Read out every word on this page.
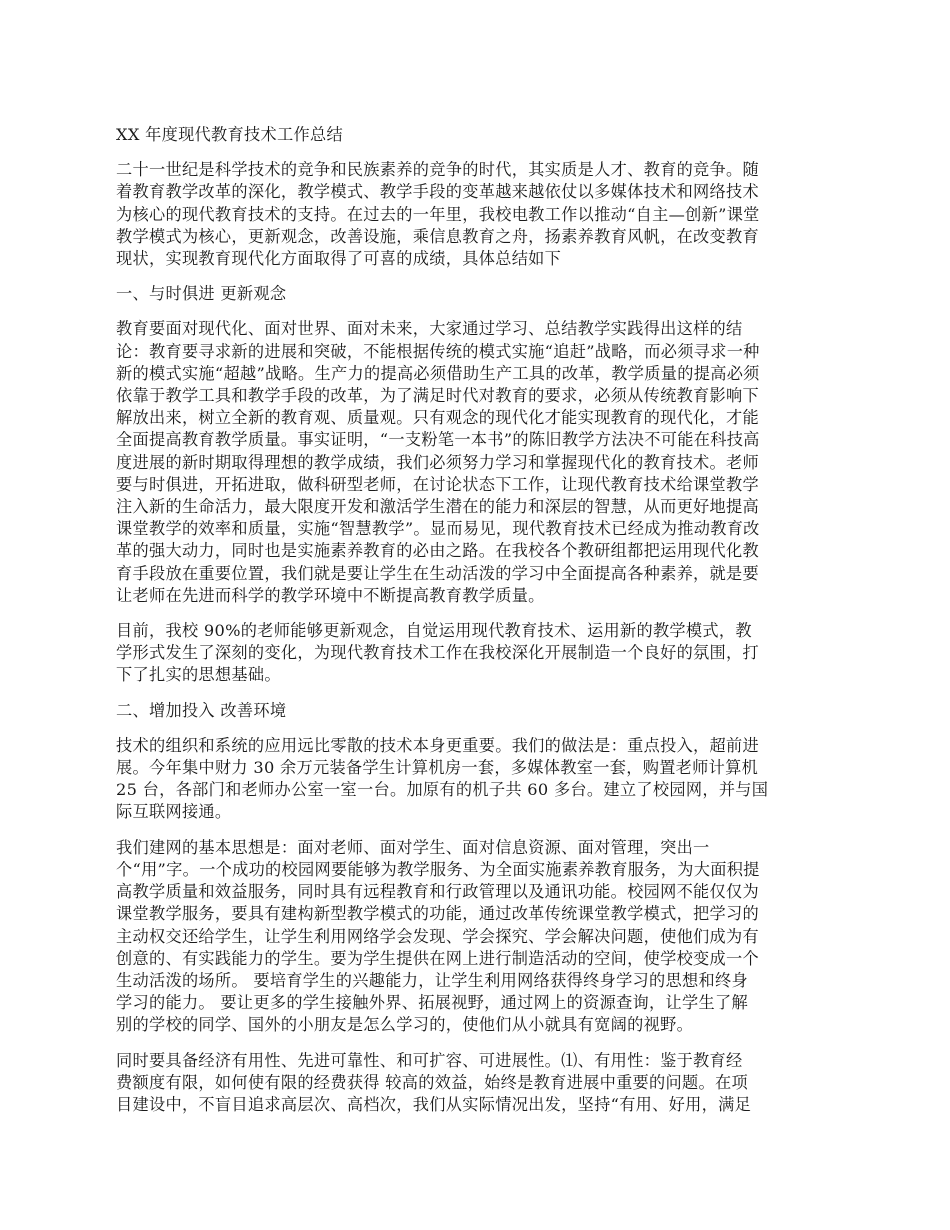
XX 年度现代教育技术工作总结
二十一世纪是科学技术的竞争和民族素养的竞争的时代，其实质是人才、教育的竞争。随
着教育教学改革的深化，教学模式、教学手段的变革越来越依仗以多媒体技术和网络技术
为核心的现代教育技术的支持。在过去的一年里，我校电教工作以推动“自主—创新”课堂
教学模式为核心，更新观念，改善设施，乘信息教育之舟，扬素养教育风帆，在改变教育
现状，实现教育现代化方面取得了可喜的成绩，具体总结如下
一、与时俱进 更新观念
教育要面对现代化、面对世界、面对未来，大家通过学习、总结教学实践得出这样的结
论：教育要寻求新的进展和突破，不能根据传统的模式实施“追赶”战略，而必须寻求一种
新的模式实施“超越”战略。生产力的提高必须借助生产工具的改革，教学质量的提高必须
依靠于教学工具和教学手段的改革，为了满足时代对教育的要求，必须从传统教育影响下
解放出来，树立全新的教育观、质量观。只有观念的现代化才能实现教育的现代化，才能
全面提高教育教学质量。事实证明，“一支粉笔一本书”的陈旧教学方法决不可能在科技高
度进展的新时期取得理想的教学成绩，我们必须努力学习和掌握现代化的教育技术。老师
要与时俱进，开拓进取，做科研型老师，在讨论状态下工作，让现代教育技术给课堂教学
注入新的生命活力，最大限度开发和激活学生潜在的能力和深层的智慧，从而更好地提高
课堂教学的效率和质量，实施“智慧教学”。显而易见，现代教育技术已经成为推动教育改
革的强大动力，同时也是实施素养教育的必由之路。在我校各个教研组都把运用现代化教
育手段放在重要位置，我们就是要让学生在生动活泼的学习中全面提高各种素养，就是要
让老师在先进而科学的教学环境中不断提高教育教学质量。
目前，我校 90%的老师能够更新观念，自觉运用现代教育技术、运用新的教学模式，教
学形式发生了深刻的变化，为现代教育技术工作在我校深化开展制造一个良好的氛围，打
下了扎实的思想基础。
二、增加投入 改善环境
技术的组织和系统的应用远比零散的技术本身更重要。我们的做法是：重点投入，超前进
展。今年集中财力 30 余万元装备学生计算机房一套，多媒体教室一套，购置老师计算机
25 台，各部门和老师办公室一室一台。加原有的机子共 60 多台。建立了校园网，并与国
际互联网接通。
我们建网的基本思想是：面对老师、面对学生、面对信息资源、面对管理，突出一
个“用”字。一个成功的校园网要能够为教学服务、为全面实施素养教育服务，为大面积提
高教学质量和效益服务，同时具有远程教育和行政管理以及通讯功能。校园网不能仅仅为
课堂教学服务，要具有建构新型教学模式的功能，通过改革传统课堂教学模式，把学习的
主动权交还给学生，让学生利用网络学会发现、学会探究、学会解决问题，使他们成为有
创意的、有实践能力的学生。要为学生提供在网上进行制造活动的空间，使学校变成一个
生动活泼的场所。 要培育学生的兴趣能力，让学生利用网络获得终身学习的思想和终身
学习的能力。 要让更多的学生接触外界、拓展视野，通过网上的资源查询，让学生了解
别的学校的同学、国外的小朋友是怎么学习的，使他们从小就具有宽阔的视野。
同时要具备经济有用性、先进可靠性、和可扩容、可进展性。⑴、有用性：鉴于教育经
费额度有限，如何使有限的经费获得 较高的效益，始终是教育进展中重要的问题。在项
目建设中，不盲目追求高层次、高档次，我们从实际情况出发，坚持“有用、好用，满足
